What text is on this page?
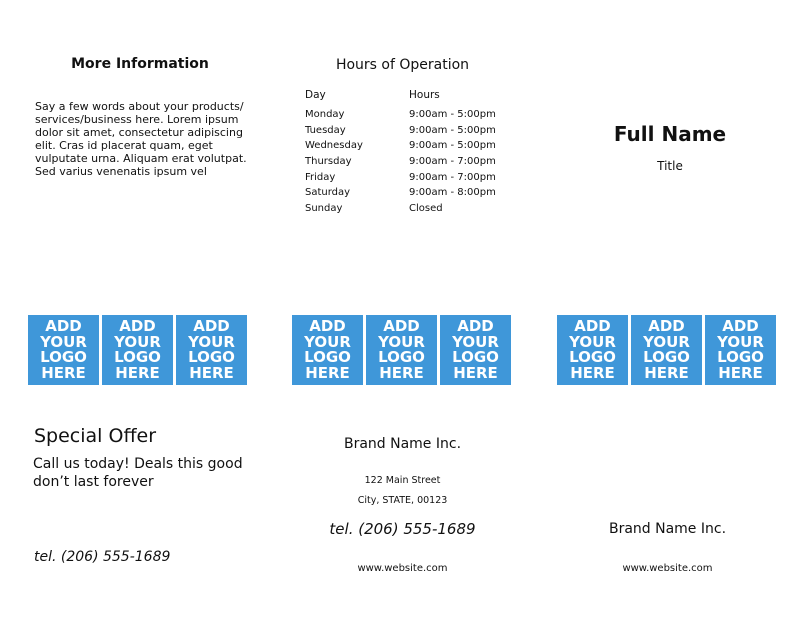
More Information
Say a few words about your products/
services/business here. Lorem ipsum
dolor sit amet, consectetur adipiscing
elit. Cras id placerat quam, eget
vulputate urna. Aliquam erat volutpat.
Sed varius venenatis ipsum vel
Hours of Operation
Day	Hours
Monday	9:00am - 5:00pm
Tuesday	9:00am - 5:00pm
Wednesday	9:00am - 5:00pm
Thursday	9:00am - 7:00pm
Friday	9:00am - 7:00pm
Saturday	9:00am - 8:00pm
Sunday	Closed
Full Name
Title
ADD
YOUR
LOGO
HERE
ADD
YOUR
LOGO
HERE
ADD
YOUR
LOGO
HERE
ADD
YOUR
LOGO
HERE
ADD
YOUR
LOGO
HERE
ADD
YOUR
LOGO
HERE
ADD
YOUR
LOGO
HERE
ADD
YOUR
LOGO
HERE
ADD
YOUR
LOGO
HERE
Special Offer
Call us today! Deals this good don’t last forever
tel. (206) 555-1689
Brand Name Inc.
122 Main Street
City, STATE, 00123
tel. (206) 555-1689
www.website.com
Brand Name Inc.
www.website.com
